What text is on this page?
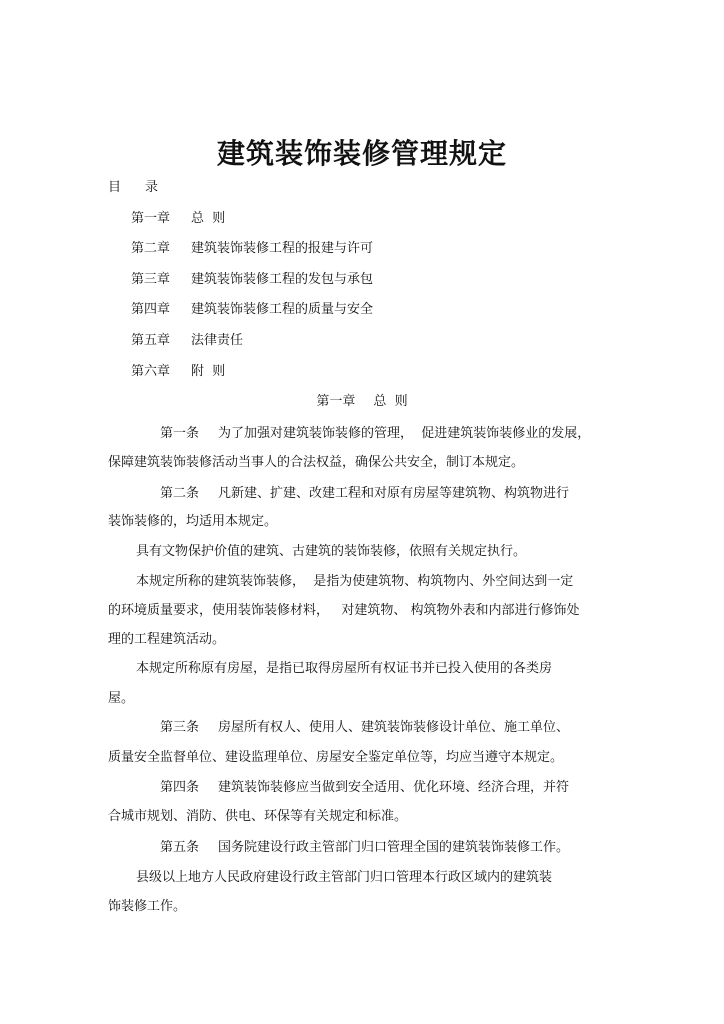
建筑装饰装修管理规定
目 录
第一章 总  则
第二章 建筑装饰装修工程的报建与许可
第三章 建筑装饰装修工程的发包与承包
第四章 建筑装饰装修工程的质量与安全
第五章 法律责任
第六章 附  则
第一章 总  则
第一条 为了加强对建筑装饰装修的管理，  促进建筑装饰装修业的发展，
保障建筑装饰装修活动当事人的合法权益，确保公共安全，制订本规定。
第二条 凡新建、扩建、改建工程和对原有房屋等建筑物、构筑物进行
装饰装修的，均适用本规定。
具有文物保护价值的建筑、古建筑的装饰装修，依照有关规定执行。
本规定所称的建筑装饰装修，  是指为使建筑物、构筑物内、外空间达到一定
的环境质量要求，使用装饰装修材料，   对建筑物、 构筑物外表和内部进行修饰处
理的工程建筑活动。
本规定所称原有房屋，是指已取得房屋所有权证书并已投入使用的各类房
屋。
第三条 房屋所有权人、使用人、建筑装饰装修设计单位、施工单位、
质量安全监督单位、建设监理单位、房屋安全鉴定单位等，均应当遵守本规定。
第四条 建筑装饰装修应当做到安全适用、优化环境、经济合理，并符
合城市规划、消防、供电、环保等有关规定和标准。
第五条 国务院建设行政主管部门归口管理全国的建筑装饰装修工作。
县级以上地方人民政府建设行政主管部门归口管理本行政区域内的建筑装
饰装修工作。
